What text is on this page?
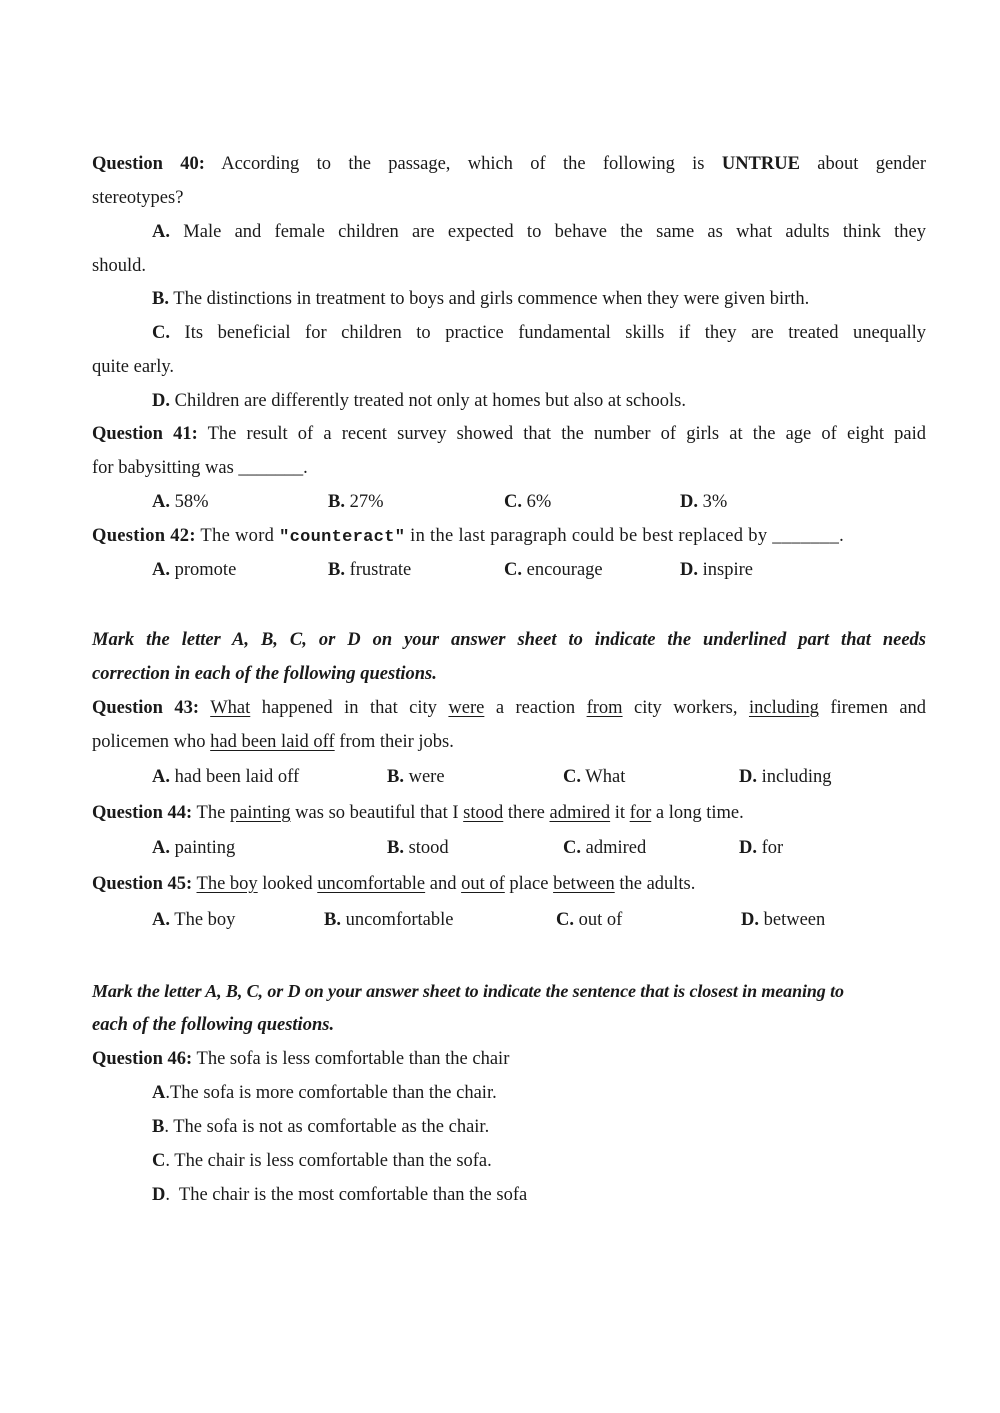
Question 40: According to the passage, which of the following is UNTRUE about gender
stereotypes?
A. Male and female children are expected to behave the same as what adults think they
should.
B. The distinctions in treatment to boys and girls commence when they were given birth.
C. Its beneficial for children to practice fundamental skills if they are treated unequally
quite early.
D. Children are differently treated not only at homes but also at schools.
Question 41: The result of a recent survey showed that the number of girls at the age of eight paid
for babysitting was _______.
A. 58%	B. 27%	C. 6%	D. 3%
Question 42: The word "counteract" in the last paragraph could be best replaced by _______.
A. promote	B. frustrate	C. encourage	D. inspire
Mark the letter A, B, C, or D on your answer sheet to indicate the underlined part that needs
correction in each of the following questions.
Question 43: What happened in that city were a reaction from city workers, including firemen and
policemen who had been laid off from their jobs.
A. had been laid off	B. were	C. What	D. including
Question 44: The painting was so beautiful that I stood there admired it for a long time.
A. painting	B. stood	C. admired	D. for
Question 45: The boy looked uncomfortable and out of place between the adults.
A. The boy	B. uncomfortable	C. out of	D. between
Mark the letter A, B, C, or D on your answer sheet to indicate the sentence that is closest in meaning to
each of the following questions.
Question 46: The sofa is less comfortable than the chair
A.The sofa is more comfortable than the chair.
B. The sofa is not as comfortable as the chair.
C. The chair is less comfortable than the sofa.
D.  The chair is the most comfortable than the sofa
